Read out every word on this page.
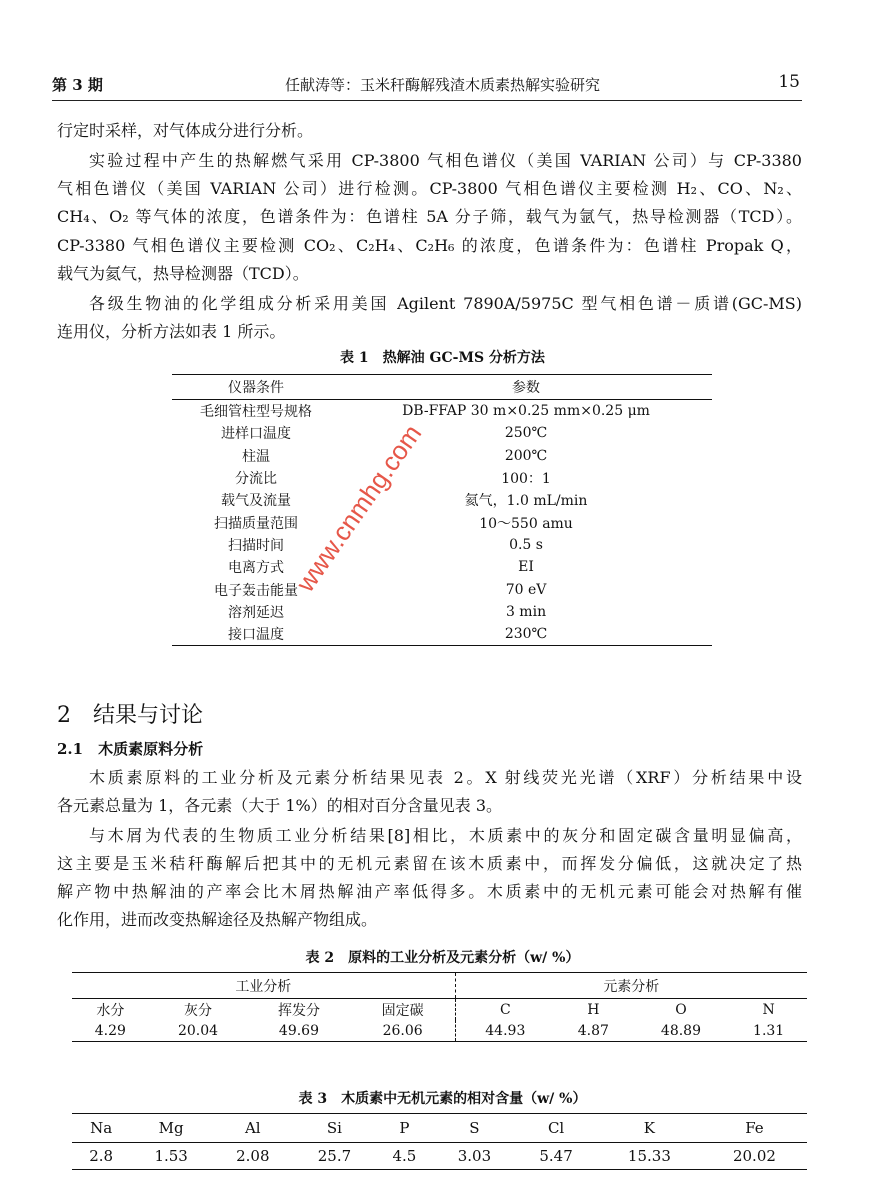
第 3 期	任献涛等：玉米秆酶解残渣木质素热解实验研究	15
行定时采样，对气体成分进行分析。
实验过程中产生的热解燃气采用 CP-3800 气相色谱仪（美国 VARIAN 公司）与 CP-3380
气相色谱仪（美国 VARIAN 公司）进行检测。CP-3800 气相色谱仪主要检测 H₂、CO、N₂、
CH₄、O₂ 等气体的浓度，色谱条件为：色谱柱 5A 分子筛，载气为氩气，热导检测器（TCD）。
CP-3380 气相色谱仪主要检测 CO₂、C₂H₄、C₂H₆ 的浓度，色谱条件为：色谱柱 Propak Q，
载气为氦气，热导检测器（TCD）。
各级生物油的化学组成分析采用美国 Agilent 7890A/5975C 型气相色谱－质谱(GC-MS)
连用仪，分析方法如表 1 所示。
表 1　热解油 GC-MS 分析方法
仪器条件	参数
毛细管柱型号规格	DB-FFAP 30 m×0.25 mm×0.25 μm
进样口温度	250℃
柱温	200℃
分流比	100：1
载气及流量	氦气，1.0 mL/min
扫描质量范围	10～550 amu
扫描时间	0.5 s
电离方式	EI
电子轰击能量	70 eV
溶剂延迟	3 min
接口温度	230℃
www.cnmhg.com
2　结果与讨论
2.1　木质素原料分析
木质素原料的工业分析及元素分析结果见表 2。X 射线荧光光谱（XRF）分析结果中设
各元素总量为 1，各元素（大于 1%）的相对百分含量见表 3。
与木屑为代表的生物质工业分析结果[8]相比，木质素中的灰分和固定碳含量明显偏高，
这主要是玉米秸秆酶解后把其中的无机元素留在该木质素中，而挥发分偏低，这就决定了热
解产物中热解油的产率会比木屑热解油产率低得多。木质素中的无机元素可能会对热解有催
化作用，进而改变热解途径及热解产物组成。
表 2　原料的工业分析及元素分析（w/ %）
工业分析				元素分析			
水分	灰分	挥发分	固定碳	C	H	O	N
4.29	20.04	49.69	26.06	44.93	4.87	48.89	1.31
表 3　木质素中无机元素的相对含量（w/ %）
Na	Mg	Al	Si	P	S	Cl	K	Fe
2.8	1.53	2.08	25.7	4.5	3.03	5.47	15.33	20.02
